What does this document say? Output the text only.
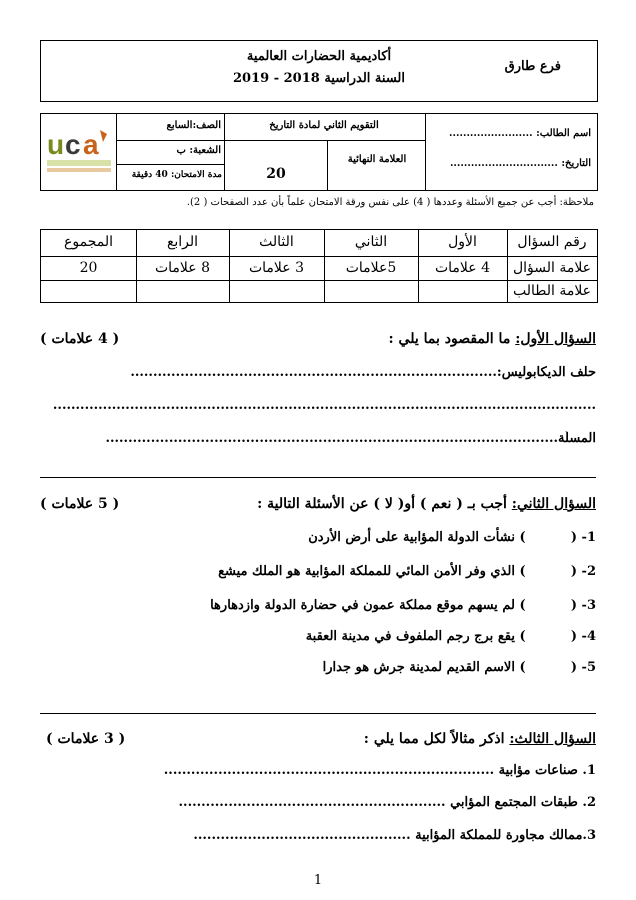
أكاديمية الحضارات العالمية
السنة الدراسية 2018 - 2019
فرع طارق
اسم الطالب: ........................
التاريخ: ...............................
التقويم الثاني لمادة التاريخ
العلامة النهائية
20
الصف:السابع
الشعبة: ب
مدة الامتحان: 40 دقيقة
u c a
ملاحظة: أجب عن جميع الأسئلة وعددها ( 4) على نفس ورقة الامتحان علماً بأن عدد الصفحات ( 2).
رقم السؤال
الأول
الثاني
الثالث
الرابع
المجموع
علامة السؤال
4 علامات
5علامات
3 علامات
8 علامات
20
علامة الطالب
السؤال الأول: ما المقصود بما يلي :
( 4 علامات )
حلف الديكابوليس:.................................................................................
........................................................................................................................
المسلّة....................................................................................................
السؤال الثاني: أجب بـ ( نعم ) أو( لا ) عن الأسئلة التالية :
( 5 علامات )
1- (          ) نشأت الدولة المؤابية على أرض الأردن
2- (          ) الذي وفر الأمن المائي للمملكة المؤابية هو الملك ميشع
3- (          ) لم يسهم موقع مملكة عمون في حضارة الدولة وازدهارها
4- (          ) يقع برج رجم الملفوف في مدينة العقبة
5- (          ) الاسم القديم لمدينة جرش هو جدارا
السؤال الثالث: اذكر مثالاً لكل مما يلي :
( 3 علامات )
1. صناعات مؤابية .........................................................................
2. طبقات المجتمع المؤابي ...........................................................
3.ممالك مجاورة للمملكة المؤابية ................................................
1
